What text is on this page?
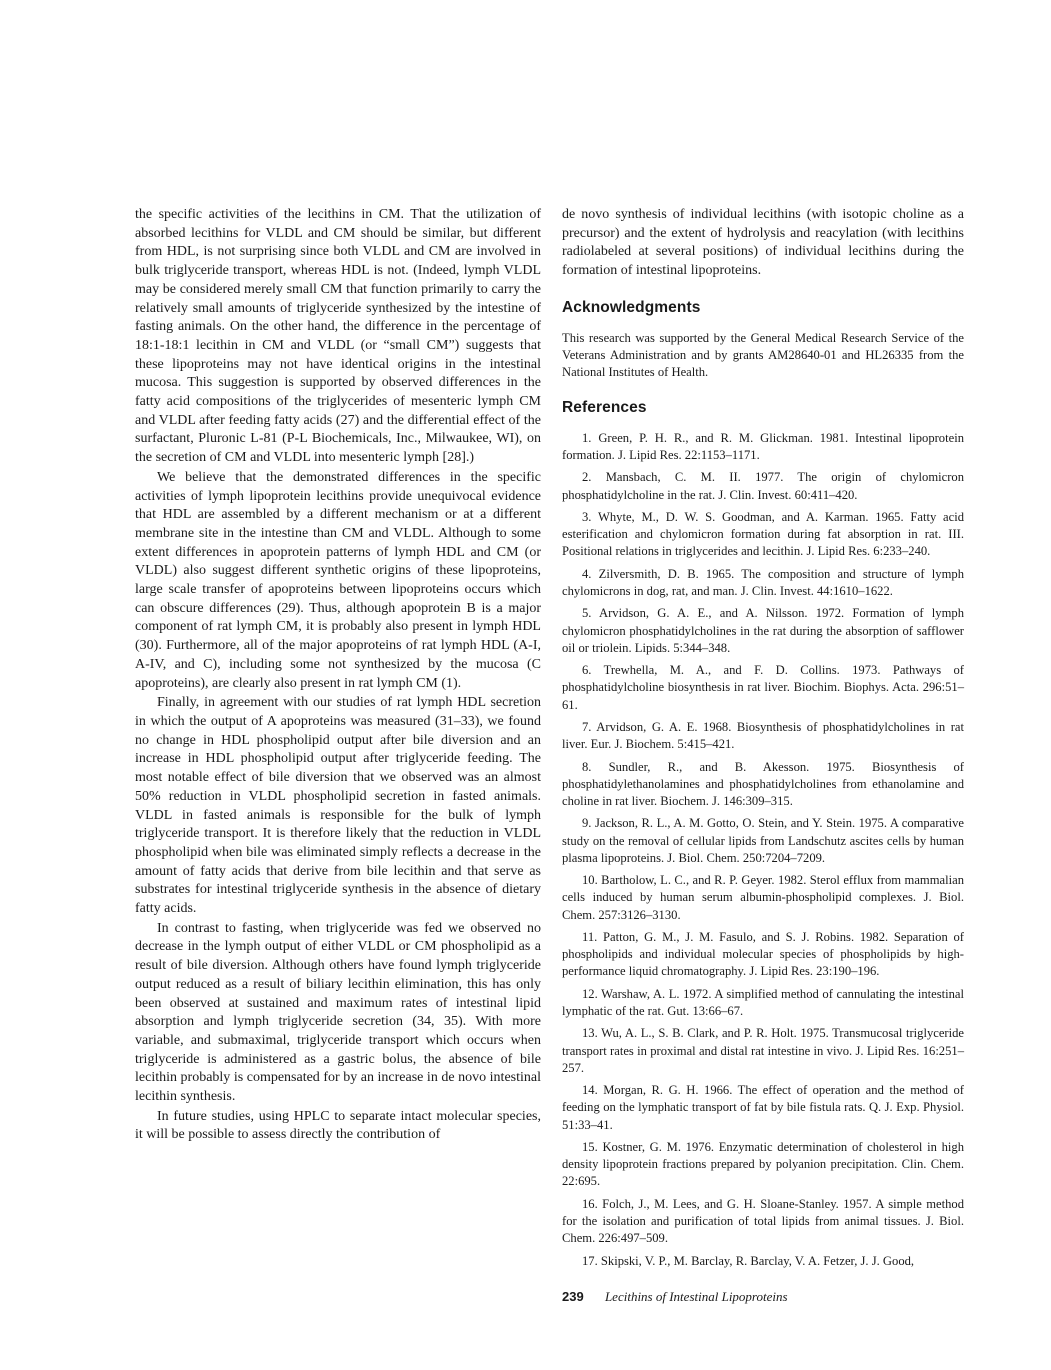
the specific activities of the lecithins in CM. That the utilization of absorbed lecithins for VLDL and CM should be similar, but different from HDL, is not surprising since both VLDL and CM are involved in bulk triglyceride transport, whereas HDL is not. (Indeed, lymph VLDL may be considered merely small CM that function primarily to carry the relatively small amounts of triglyceride synthesized by the intestine of fasting animals. On the other hand, the difference in the percentage of 18:1-18:1 lecithin in CM and VLDL (or “small CM”) suggests that these lipoproteins may not have identical origins in the intestinal mucosa. This suggestion is supported by observed differences in the fatty acid compositions of the triglycerides of mesenteric lymph CM and VLDL after feeding fatty acids (27) and the differential effect of the surfactant, Pluronic L-81 (P-L Biochemicals, Inc., Milwaukee, WI), on the secretion of CM and VLDL into mesenteric lymph [28].)

We believe that the demonstrated differences in the specific activities of lymph lipoprotein lecithins provide unequivocal evidence that HDL are assembled by a different mechanism or at a different membrane site in the intestine than CM and VLDL. Although to some extent differences in apoprotein patterns of lymph HDL and CM (or VLDL) also suggest different synthetic origins of these lipoproteins, large scale transfer of apoproteins between lipoproteins occurs which can obscure differences (29). Thus, although apoprotein B is a major component of rat lymph CM, it is probably also present in lymph HDL (30). Furthermore, all of the major apoproteins of rat lymph HDL (A-I, A-IV, and C), including some not synthesized by the mucosa (C apoproteins), are clearly also present in rat lymph CM (1).

Finally, in agreement with our studies of rat lymph HDL secretion in which the output of A apoproteins was measured (31–33), we found no change in HDL phospholipid output after bile diversion and an increase in HDL phospholipid output after triglyceride feeding. The most notable effect of bile diversion that we observed was an almost 50% reduction in VLDL phospholipid secretion in fasted animals. VLDL in fasted animals is responsible for the bulk of lymph triglyceride transport. It is therefore likely that the reduction in VLDL phospholipid when bile was eliminated simply reflects a decrease in the amount of fatty acids that derive from bile lecithin and that serve as substrates for intestinal triglyceride synthesis in the absence of dietary fatty acids.

In contrast to fasting, when triglyceride was fed we observed no decrease in the lymph output of either VLDL or CM phospholipid as a result of bile diversion. Although others have found lymph triglyceride output reduced as a result of biliary lecithin elimination, this has only been observed at sustained and maximum rates of intestinal lipid absorption and lymph triglyceride secretion (34, 35). With more variable, and submaximal, triglyceride transport which occurs when triglyceride is administered as a gastric bolus, the absence of bile lecithin probably is compensated for by an increase in de novo intestinal lecithin synthesis.

In future studies, using HPLC to separate intact molecular species, it will be possible to assess directly the contribution of

de novo synthesis of individual lecithins (with isotopic choline as a precursor) and the extent of hydrolysis and reacylation (with lecithins radiolabeled at several positions) of individual lecithins during the formation of intestinal lipoproteins.

Acknowledgments

This research was supported by the General Medical Research Service of the Veterans Administration and by grants AM28640-01 and HL26335 from the National Institutes of Health.

References
1. Green, P. H. R., and R. M. Glickman. 1981. Intestinal lipoprotein formation. J. Lipid Res. 22:1153–1171.
2. Mansbach, C. M. II. 1977. The origin of chylomicron phosphatidylcholine in the rat. J. Clin. Invest. 60:411–420.
3. Whyte, M., D. W. S. Goodman, and A. Karman. 1965. Fatty acid esterification and chylomicron formation during fat absorption in rat. III. Positional relations in triglycerides and lecithin. J. Lipid Res. 6:233–240.
4. Zilversmith, D. B. 1965. The composition and structure of lymph chylomicrons in dog, rat, and man. J. Clin. Invest. 44:1610–1622.
5. Arvidson, G. A. E., and A. Nilsson. 1972. Formation of lymph chylomicron phosphatidylcholines in the rat during the absorption of safflower oil or triolein. Lipids. 5:344–348.
6. Trewhella, M. A., and F. D. Collins. 1973. Pathways of phosphatidylcholine biosynthesis in rat liver. Biochim. Biophys. Acta. 296:51–61.
7. Arvidson, G. A. E. 1968. Biosynthesis of phosphatidylcholines in rat liver. Eur. J. Biochem. 5:415–421.
8. Sundler, R., and B. Akesson. 1975. Biosynthesis of phosphatidylethanolamines and phosphatidylcholines from ethanolamine and choline in rat liver. Biochem. J. 146:309–315.
9. Jackson, R. L., A. M. Gotto, O. Stein, and Y. Stein. 1975. A comparative study on the removal of cellular lipids from Landschutz ascites cells by human plasma lipoproteins. J. Biol. Chem. 250:7204–7209.
10. Bartholow, L. C., and R. P. Geyer. 1982. Sterol efflux from mammalian cells induced by human serum albumin-phospholipid complexes. J. Biol. Chem. 257:3126–3130.
11. Patton, G. M., J. M. Fasulo, and S. J. Robins. 1982. Separation of phospholipids and individual molecular species of phospholipids by high-performance liquid chromatography. J. Lipid Res. 23:190–196.
12. Warshaw, A. L. 1972. A simplified method of cannulating the intestinal lymphatic of the rat. Gut. 13:66–67.
13. Wu, A. L., S. B. Clark, and P. R. Holt. 1975. Transmucosal triglyceride transport rates in proximal and distal rat intestine in vivo. J. Lipid Res. 16:251–257.
14. Morgan, R. G. H. 1966. The effect of operation and the method of feeding on the lymphatic transport of fat by bile fistula rats. Q. J. Exp. Physiol. 51:33–41.
15. Kostner, G. M. 1976. Enzymatic determination of cholesterol in high density lipoprotein fractions prepared by polyanion precipitation. Clin. Chem. 22:695.
16. Folch, J., M. Lees, and G. H. Sloane-Stanley. 1957. A simple method for the isolation and purification of total lipids from animal tissues. J. Biol. Chem. 226:497–509.
17. Skipski, V. P., M. Barclay, R. Barclay, V. A. Fetzer, J. J. Good,
239 Lecithins of Intestinal Lipoproteins
